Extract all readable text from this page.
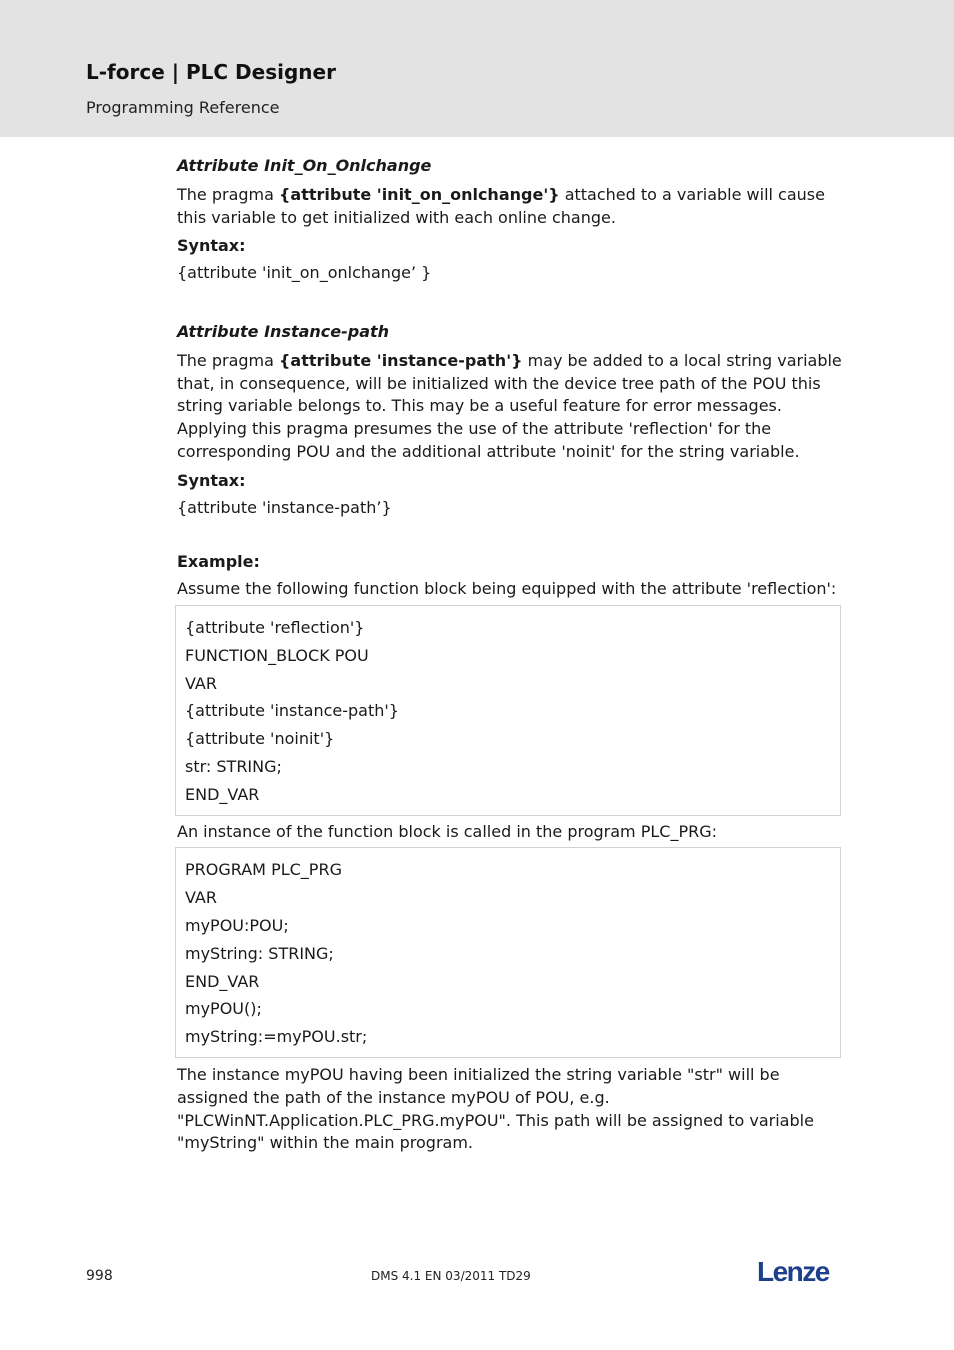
L-force | PLC Designer
Programming Reference
Attribute Init_On_Onlchange

The pragma {attribute 'init_on_onlchange'} attached to a variable will cause this variable to get initialized with each online change.

Syntax:

{attribute 'init_on_onlchange’ }

Attribute Instance-path

The pragma {attribute 'instance-path'} may be added to a local string variable that, in consequence, will be initialized with the device tree path of the POU this string variable belongs to. This may be a useful feature for error messages. Applying this pragma presumes the use of the attribute 'reflection' for the corresponding POU and the additional attribute 'noinit' for the string variable.

Syntax:

{attribute 'instance-path’}

Example:

Assume the following function block being equipped with the attribute 'reflection':

{attribute 'reflection'}
FUNCTION_BLOCK POU
VAR
{attribute 'instance-path'}
{attribute 'noinit'}
str: STRING;
END_VAR

An instance of the function block is called in the program PLC_PRG:

PROGRAM PLC_PRG
VAR
myPOU:POU;
myString: STRING;
END_VAR
myPOU();
myString:=myPOU.str;

The instance myPOU having been initialized the string variable "str" will be assigned the path of the instance myPOU of POU, e.g. "PLCWinNT.Application.PLC_PRG.myPOU". This path will be assigned to variable "myString" within the main program.

998	DMS 4.1 EN 03/2011 TD29	Lenze
